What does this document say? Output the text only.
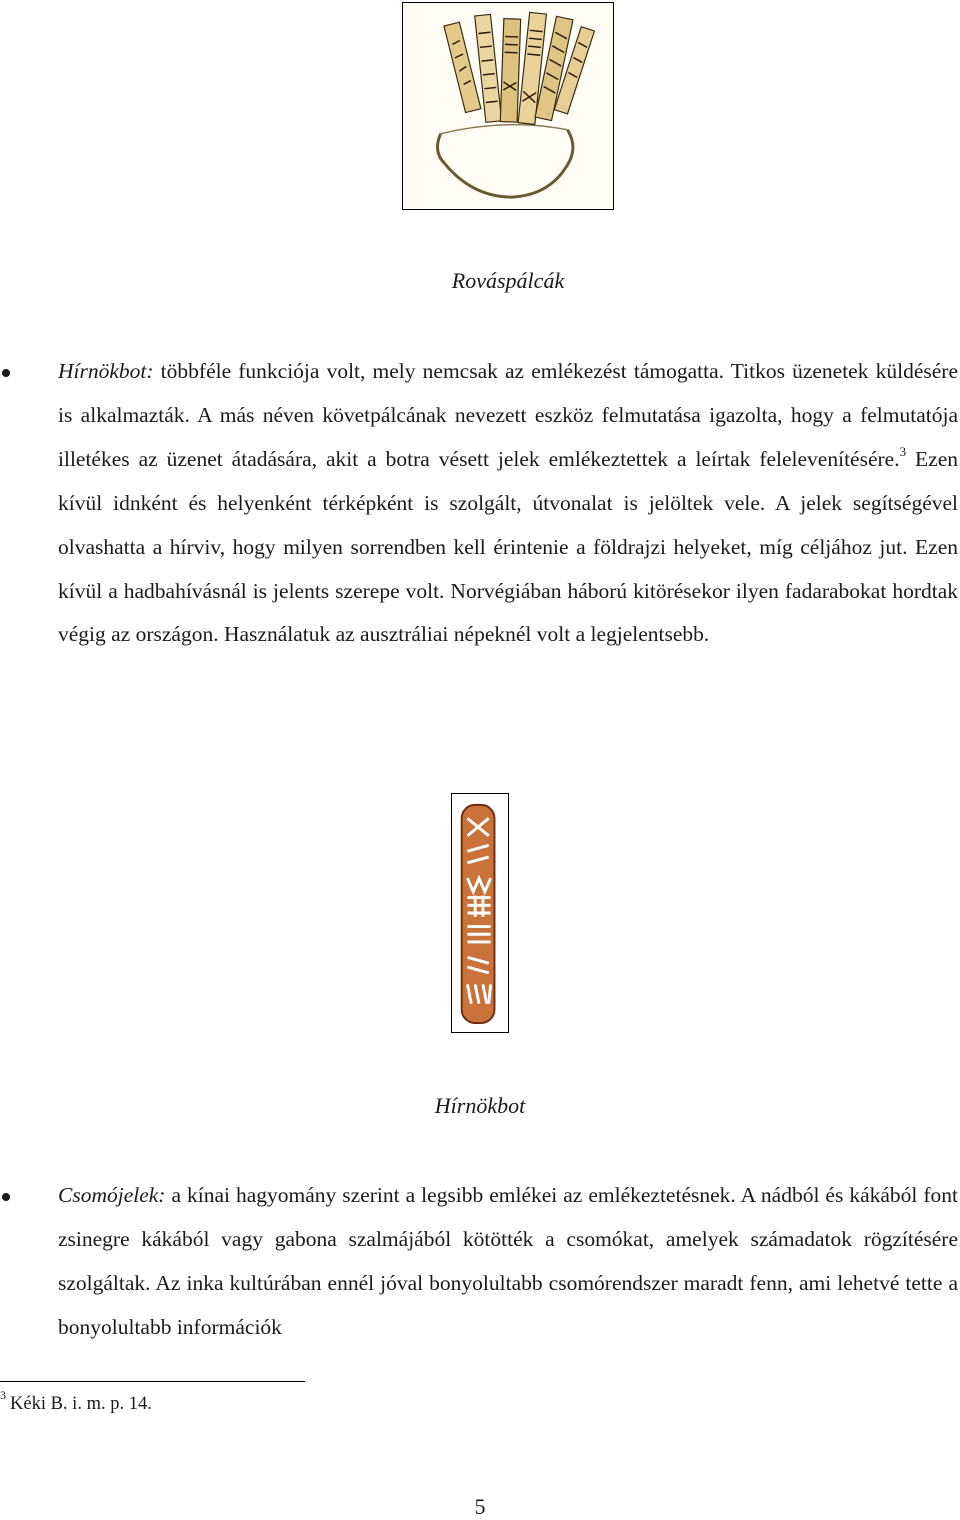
Rováspálcák
Hírnökbot: többféle funkciója volt, mely nemcsak az emlékezést támogatta. Titkos üzenetek küldésére is alkalmazták. A más néven követpálcának nevezett eszköz felmutatása igazolta, hogy a felmutatója illetékes az üzenet átadására, akit a botra vésett jelek emlékeztettek a leírtak felelevenítésére.$^3$ Ezen kívül idnként és helyenként térképként is szolgált, útvonalat is jelöltek vele. A jelek segítségével olvashatta a hírviv, hogy milyen sorrendben kell érintenie a földrajzi helyeket, míg céljához jut. Ezen kívül a hadbahívásnál is jelents szerepe volt. Norvégiában háború kitörésekor ilyen fadarabokat hordtak végig az országon. Használatuk az ausztráliai népeknél volt a legjelentsebb.
Hírnökbot
Csomójelek: a kínai hagyomány szerint a legsibb emlékei az emlékeztetésnek. A nádból és kákából font zsinegre kákából vagy gabona szalmájából kötötték a csomókat, amelyek számadatok rögzítésére szolgáltak. Az inka kultúrában ennél jóval bonyolultabb csomórendszer maradt fenn, ami lehetvé tette a bonyolultabb információk
$^3$ Kéki B. i. m. p. 14.
5
